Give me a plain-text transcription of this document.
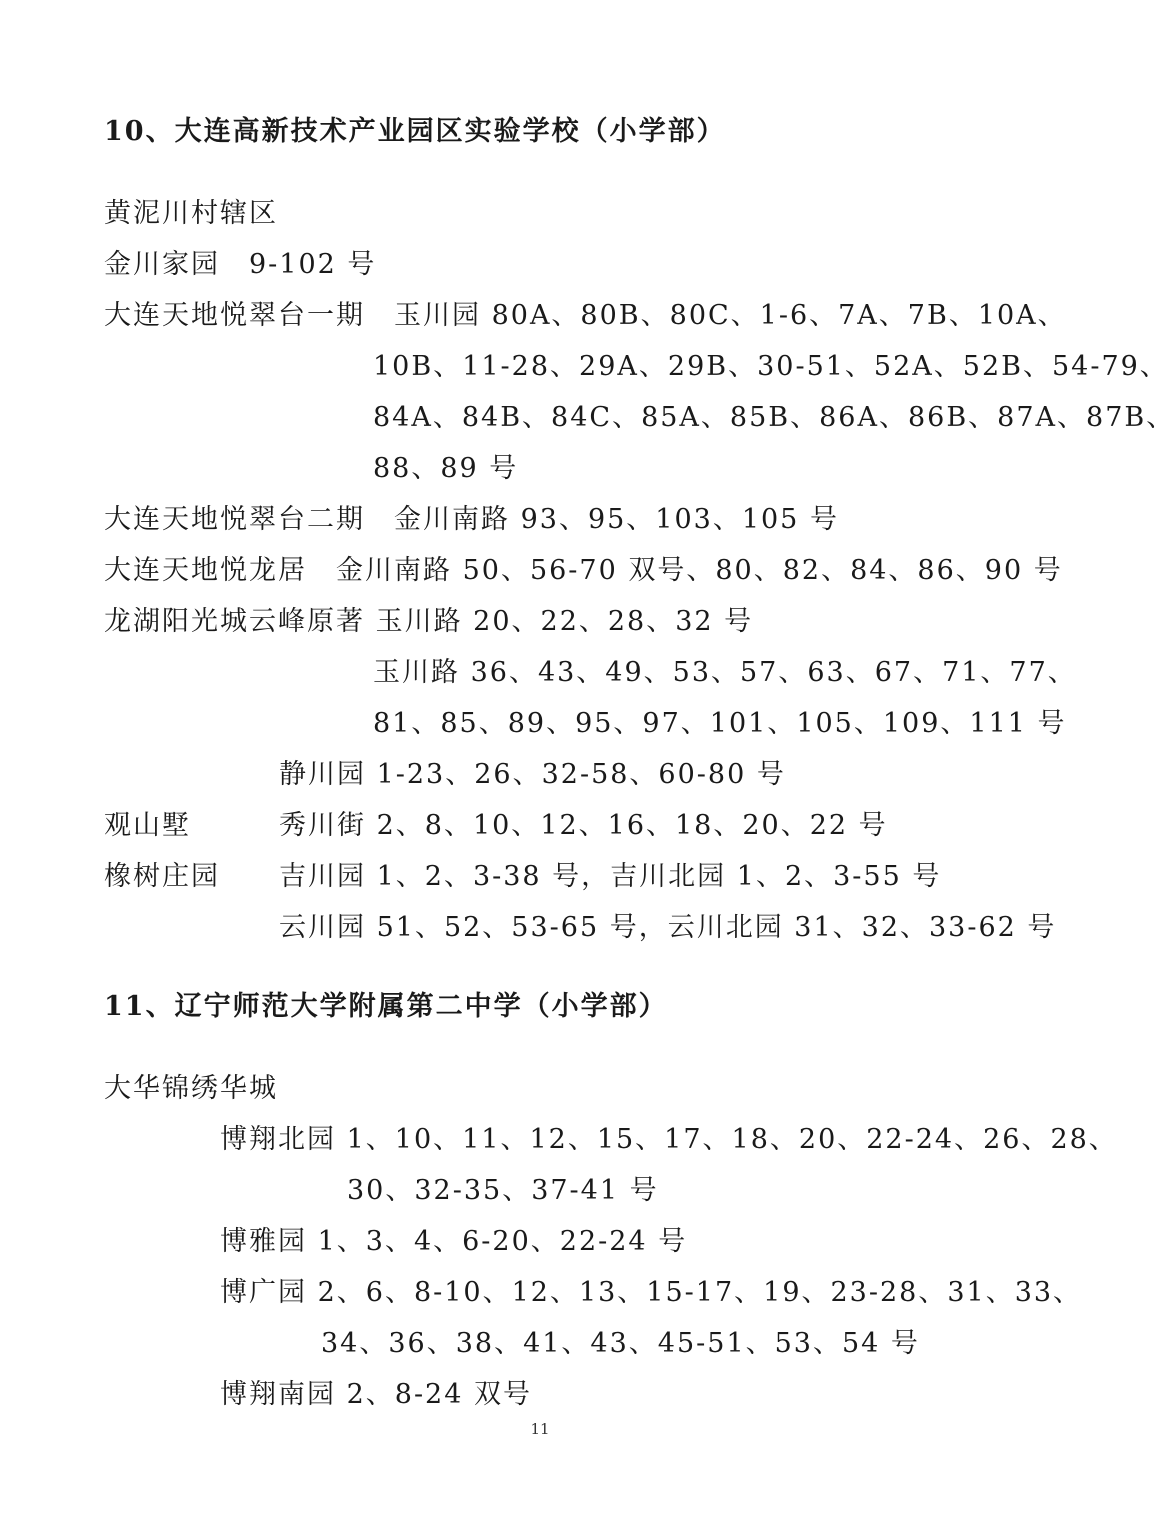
10、大连高新技术产业园区实验学校（小学部）
黄泥川村辖区
金川家园　9-102 号
大连天地悦翠台一期　玉川园 80A、80B、80C、1-6、7A、7B、10A、
10B、11-28、29A、29B、30-51、52A、52B、54-79、
84A、84B、84C、85A、85B、86A、86B、87A、87B、
88、89 号
大连天地悦翠台二期　金川南路 93、95、103、105 号
大连天地悦龙居　金川南路 50、56-70 双号、80、82、84、86、90 号
龙湖阳光城云峰原著 玉川路 20、22、28、32 号
玉川路 36、43、49、53、57、63、67、71、77、
81、85、89、95、97、101、105、109、111 号
静川园 1-23、26、32-58、60-80 号
观山墅	秀川街 2、8、10、12、16、18、20、22 号
橡树庄园 吉川园 1、2、3-38 号，吉川北园 1、2、3-55 号
云川园 51、52、53-65 号，云川北园 31、32、33-62 号
11、辽宁师范大学附属第二中学（小学部）
大华锦绣华城
博翔北园 1、10、11、12、15、17、18、20、22-24、26、28、
30、32-35、37-41 号
博雅园 1、3、4、6-20、22-24 号
博广园 2、6、8-10、12、13、15-17、19、23-28、31、33、
34、36、38、41、43、45-51、53、54 号
博翔南园 2、8-24 双号
11
